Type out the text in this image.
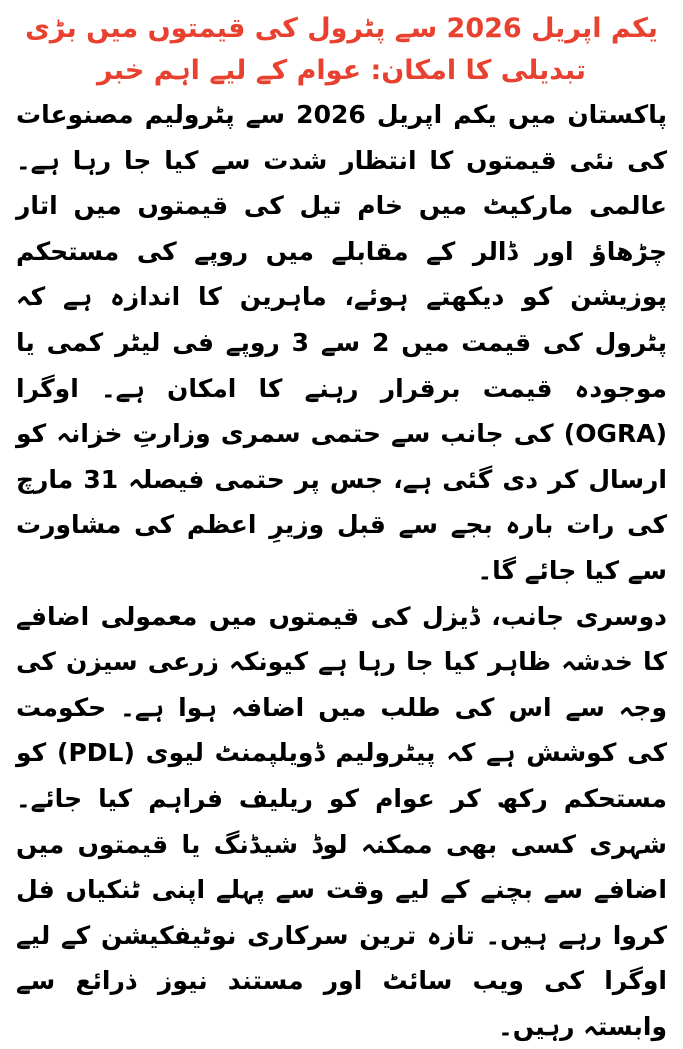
یکم اپریل 2026 سے پٹرول کی قیمتوں میں بڑی تبدیلی کا امکان: عوام کے لیے اہم خبر

پاکستان میں یکم اپریل 2026 سے پٹرولیم مصنوعات کی نئی قیمتوں کا انتظار شدت سے کیا جا رہا ہے۔ عالمی مارکیٹ میں خام تیل کی قیمتوں میں اتار چڑھاؤ اور ڈالر کے مقابلے میں روپے کی مستحکم پوزیشن کو دیکھتے ہوئے، ماہرین کا اندازہ ہے کہ پٹرول کی قیمت میں 2 سے 3 روپے فی لیٹر کمی یا موجودہ قیمت برقرار رہنے کا امکان ہے۔ اوگرا (OGRA) کی جانب سے حتمی سمری وزارتِ خزانہ کو ارسال کر دی گئی ہے، جس پر حتمی فیصلہ 31 مارچ کی رات بارہ بجے سے قبل وزیرِ اعظم کی مشاورت سے کیا جائے گا۔

دوسری جانب، ڈیزل کی قیمتوں میں معمولی اضافے کا خدشہ ظاہر کیا جا رہا ہے کیونکہ زرعی سیزن کی وجہ سے اس کی طلب میں اضافہ ہوا ہے۔ حکومت کی کوشش ہے کہ پیٹرولیم ڈویلپمنٹ لیوی (PDL) کو مستحکم رکھ کر عوام کو ریلیف فراہم کیا جائے۔ شہری کسی بھی ممکنہ لوڈ شیڈنگ یا قیمتوں میں اضافے سے بچنے کے لیے وقت سے پہلے اپنی ٹنکیاں فل کروا رہے ہیں۔ تازہ ترین سرکاری نوٹیفکیشن کے لیے اوگرا کی ویب سائٹ اور مستند نیوز ذرائع سے وابستہ رہیں۔
